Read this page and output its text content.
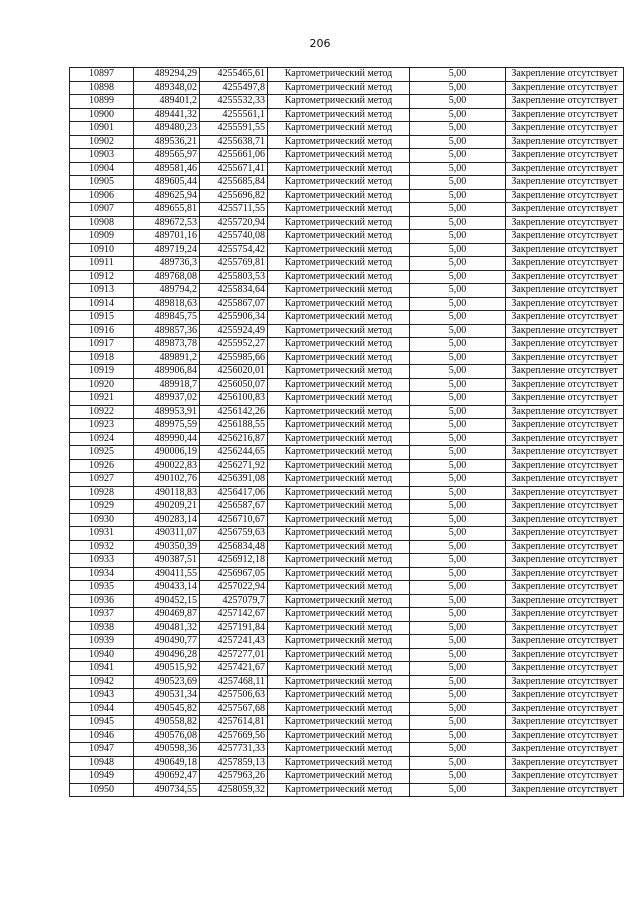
206
10897	489294,29	4255465,61	Картометрический метод	5,00	Закрепление отсутствует
10898	489348,02	4255497,8	Картометрический метод	5,00	Закрепление отсутствует
10899	489401,2	4255532,33	Картометрический метод	5,00	Закрепление отсутствует
10900	489441,32	4255561,1	Картометрический метод	5,00	Закрепление отсутствует
10901	489480,23	4255591,55	Картометрический метод	5,00	Закрепление отсутствует
10902	489536,21	4255638,71	Картометрический метод	5,00	Закрепление отсутствует
10903	489565,97	4255661,06	Картометрический метод	5,00	Закрепление отсутствует
10904	489581,46	4255671,41	Картометрический метод	5,00	Закрепление отсутствует
10905	489605,44	4255685,84	Картометрический метод	5,00	Закрепление отсутствует
10906	489625,94	4255696,82	Картометрический метод	5,00	Закрепление отсутствует
10907	489655,81	4255711,55	Картометрический метод	5,00	Закрепление отсутствует
10908	489672,53	4255720,94	Картометрический метод	5,00	Закрепление отсутствует
10909	489701,16	4255740,08	Картометрический метод	5,00	Закрепление отсутствует
10910	489719,24	4255754,42	Картометрический метод	5,00	Закрепление отсутствует
10911	489736,3	4255769,81	Картометрический метод	5,00	Закрепление отсутствует
10912	489768,08	4255803,53	Картометрический метод	5,00	Закрепление отсутствует
10913	489794,2	4255834,64	Картометрический метод	5,00	Закрепление отсутствует
10914	489818,63	4255867,07	Картометрический метод	5,00	Закрепление отсутствует
10915	489845,75	4255906,34	Картометрический метод	5,00	Закрепление отсутствует
10916	489857,36	4255924,49	Картометрический метод	5,00	Закрепление отсутствует
10917	489873,78	4255952,27	Картометрический метод	5,00	Закрепление отсутствует
10918	489891,2	4255985,66	Картометрический метод	5,00	Закрепление отсутствует
10919	489906,84	4256020,01	Картометрический метод	5,00	Закрепление отсутствует
10920	489918,7	4256050,07	Картометрический метод	5,00	Закрепление отсутствует
10921	489937,02	4256100,83	Картометрический метод	5,00	Закрепление отсутствует
10922	489953,91	4256142,26	Картометрический метод	5,00	Закрепление отсутствует
10923	489975,59	4256188,55	Картометрический метод	5,00	Закрепление отсутствует
10924	489990,44	4256216,87	Картометрический метод	5,00	Закрепление отсутствует
10925	490006,19	4256244,65	Картометрический метод	5,00	Закрепление отсутствует
10926	490022,83	4256271,92	Картометрический метод	5,00	Закрепление отсутствует
10927	490102,76	4256391,08	Картометрический метод	5,00	Закрепление отсутствует
10928	490118,83	4256417,06	Картометрический метод	5,00	Закрепление отсутствует
10929	490209,21	4256587,67	Картометрический метод	5,00	Закрепление отсутствует
10930	490283,14	4256710,67	Картометрический метод	5,00	Закрепление отсутствует
10931	490311,07	4256759,63	Картометрический метод	5,00	Закрепление отсутствует
10932	490350,39	4256834,48	Картометрический метод	5,00	Закрепление отсутствует
10933	490387,51	4256912,18	Картометрический метод	5,00	Закрепление отсутствует
10934	490411,55	4256967,05	Картометрический метод	5,00	Закрепление отсутствует
10935	490433,14	4257022,94	Картометрический метод	5,00	Закрепление отсутствует
10936	490452,15	4257079,7	Картометрический метод	5,00	Закрепление отсутствует
10937	490469,87	4257142,67	Картометрический метод	5,00	Закрепление отсутствует
10938	490481,32	4257191,84	Картометрический метод	5,00	Закрепление отсутствует
10939	490490,77	4257241,43	Картометрический метод	5,00	Закрепление отсутствует
10940	490496,28	4257277,01	Картометрический метод	5,00	Закрепление отсутствует
10941	490515,92	4257421,67	Картометрический метод	5,00	Закрепление отсутствует
10942	490523,69	4257468,11	Картометрический метод	5,00	Закрепление отсутствует
10943	490531,34	4257506,63	Картометрический метод	5,00	Закрепление отсутствует
10944	490545,82	4257567,68	Картометрический метод	5,00	Закрепление отсутствует
10945	490558,82	4257614,81	Картометрический метод	5,00	Закрепление отсутствует
10946	490576,08	4257669,56	Картометрический метод	5,00	Закрепление отсутствует
10947	490598,36	4257731,33	Картометрический метод	5,00	Закрепление отсутствует
10948	490649,18	4257859,13	Картометрический метод	5,00	Закрепление отсутствует
10949	490692,47	4257963,26	Картометрический метод	5,00	Закрепление отсутствует
10950	490734,55	4258059,32	Картометрический метод	5,00	Закрепление отсутствует
